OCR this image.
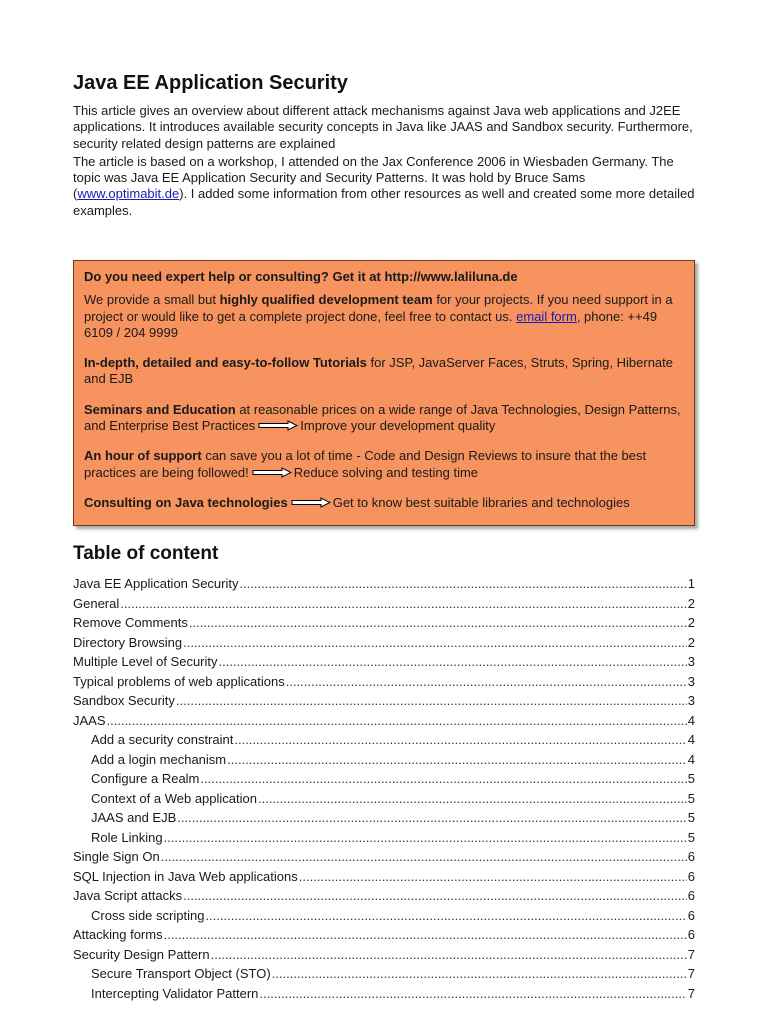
Java EE Application Security

This article gives an overview about different attack mechanisms against Java web applications and J2EE applications. It introduces available security concepts in Java like JAAS and Sandbox security. Furthermore, security related design patterns are explained

The article is based on a workshop, I attended on the Jax Conference 2006 in Wiesbaden Germany. The topic was Java EE Application Security and Security Patterns. It was hold by Bruce Sams (www.optimabit.de). I added some information from other resources as well and created some more detailed examples.

Do you need expert help or consulting? Get it at http://www.laliluna.de

We provide a small but highly qualified development team for your projects. If you need support in a project or would like to get a complete project done, feel free to contact us. email form, phone: ++49 6109 / 204 9999

In-depth, detailed and easy-to-follow Tutorials for JSP, JavaServer Faces, Struts, Spring, Hibernate and EJB

Seminars and Education at reasonable prices on a wide range of Java Technologies, Design Patterns, and Enterprise Best Practices	Improve your development quality

An hour of support can save you a lot of time - Code and Design Reviews to insure that the best practices are being followed!	Reduce solving and testing time

Consulting on Java technologies	Get to know best suitable libraries and technologies

Table of content
Java EE Application Security .....	1
General .....	2
Remove Comments .....	2
Directory Browsing .....	2
Multiple Level of Security .....	3
Typical problems of web applications .....	3
Sandbox Security .....	3
JAAS .....	4
Add a security constraint .....	4
Add a login mechanism .....	4
Configure a Realm .....	5
Context of a Web application .....	5
JAAS and EJB .....	5
Role Linking .....	5
Single Sign On .....	6
SQL Injection in Java Web applications .....	6
Java Script attacks .....	6
Cross side scripting .....	6
Attacking forms .....	6
Security Design Pattern .....	7
Secure Transport Object (STO) .....	7
Intercepting Validator Pattern .....	7
